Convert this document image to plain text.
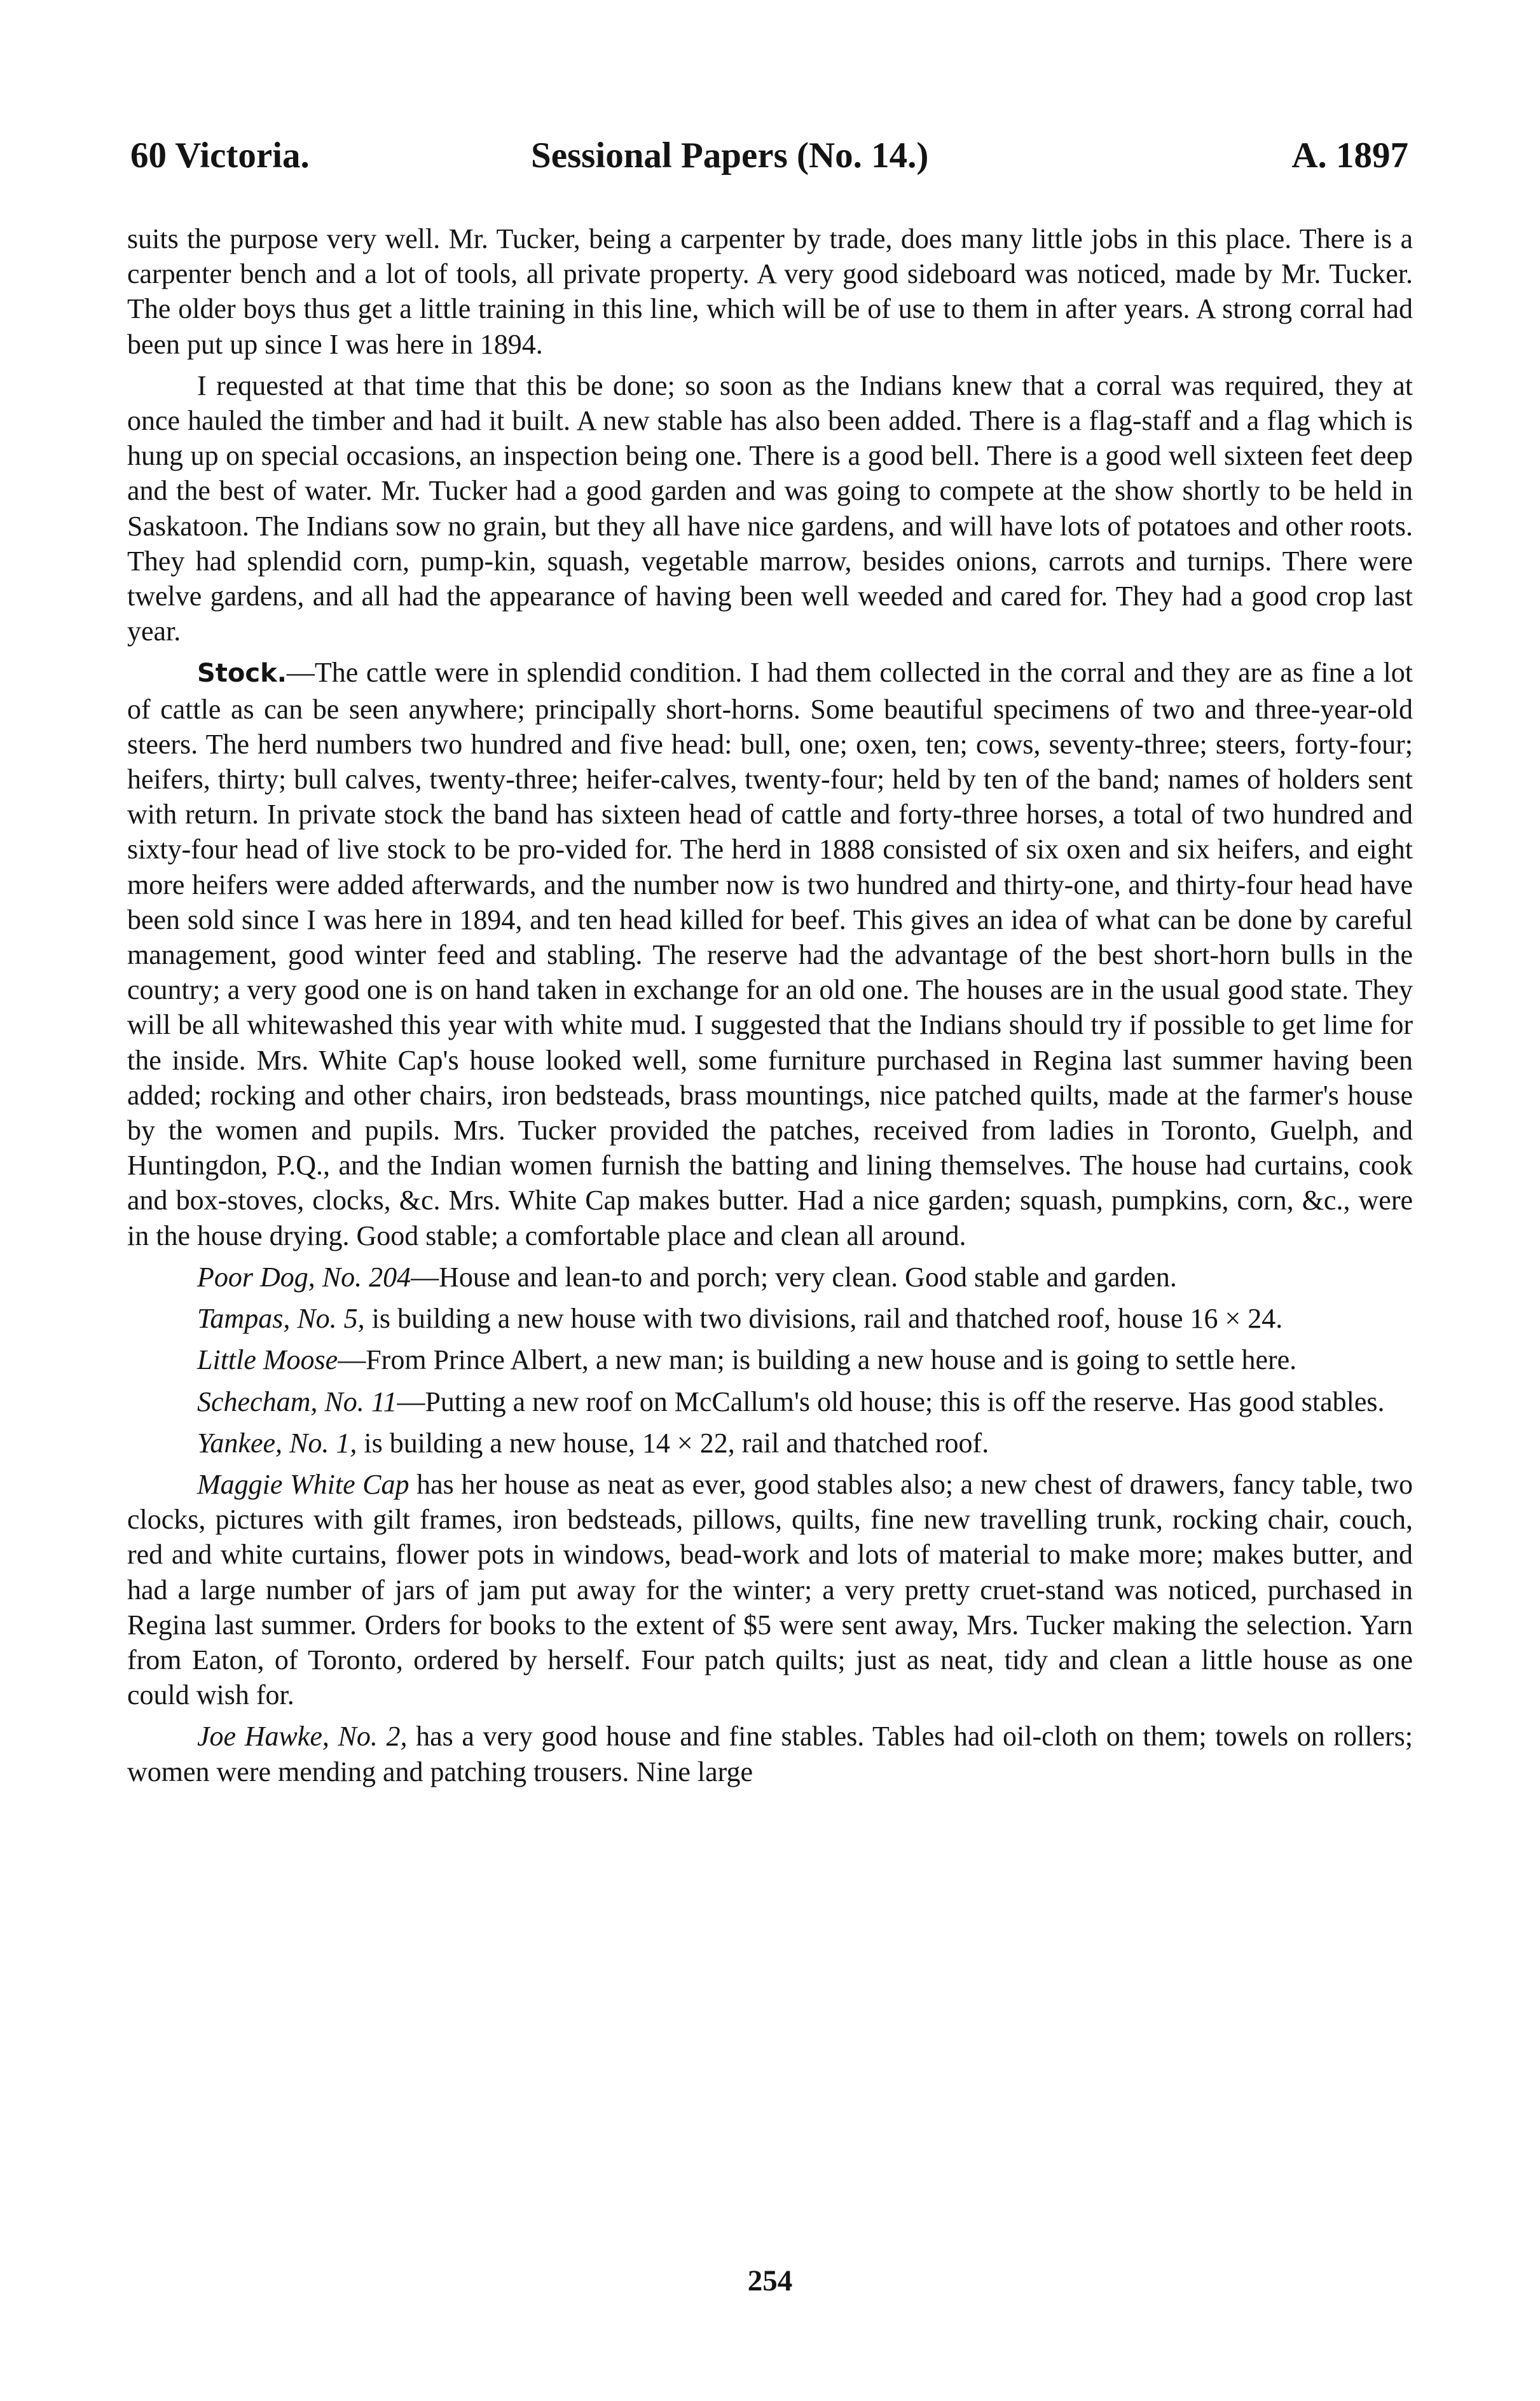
60 Victoria.	Sessional Papers (No. 14.)	A. 1897

suits the purpose very well. Mr. Tucker, being a carpenter by trade, does many little jobs in this place. There is a carpenter bench and a lot of tools, all private property. A very good sideboard was noticed, made by Mr. Tucker. The older boys thus get a little training in this line, which will be of use to them in after years. A strong corral had been put up since I was here in 1894.

I requested at that time that this be done; so soon as the Indians knew that a corral was required, they at once hauled the timber and had it built. A new stable has also been added. There is a flag-staff and a flag which is hung up on special occasions, an inspection being one. There is a good bell. There is a good well sixteen feet deep and the best of water. Mr. Tucker had a good garden and was going to compete at the show shortly to be held in Saskatoon. The Indians sow no grain, but they all have nice gardens, and will have lots of potatoes and other roots. They had splendid corn, pump-kin, squash, vegetable marrow, besides onions, carrots and turnips. There were twelve gardens, and all had the appearance of having been well weeded and cared for. They had a good crop last year.

Stock.—The cattle were in splendid condition. I had them collected in the corral and they are as fine a lot of cattle as can be seen anywhere; principally short-horns. Some beautiful specimens of two and three-year-old steers. The herd numbers two hundred and five head: bull, one; oxen, ten; cows, seventy-three; steers, forty-four; heifers, thirty; bull calves, twenty-three; heifer-calves, twenty-four; held by ten of the band; names of holders sent with return. In private stock the band has sixteen head of cattle and forty-three horses, a total of two hundred and sixty-four head of live stock to be pro-vided for. The herd in 1888 consisted of six oxen and six heifers, and eight more heifers were added afterwards, and the number now is two hundred and thirty-one, and thirty-four head have been sold since I was here in 1894, and ten head killed for beef. This gives an idea of what can be done by careful management, good winter feed and stabling. The reserve had the advantage of the best short-horn bulls in the country; a very good one is on hand taken in exchange for an old one. The houses are in the usual good state. They will be all whitewashed this year with white mud. I suggested that the Indians should try if possible to get lime for the inside. Mrs. White Cap's house looked well, some furniture purchased in Regina last summer having been added; rocking and other chairs, iron bedsteads, brass mountings, nice patched quilts, made at the farmer's house by the women and pupils. Mrs. Tucker provided the patches, received from ladies in Toronto, Guelph, and Huntingdon, P.Q., and the Indian women furnish the batting and lining themselves. The house had curtains, cook and box-stoves, clocks, &c. Mrs. White Cap makes butter. Had a nice garden; squash, pumpkins, corn, &c., were in the house drying. Good stable; a comfortable place and clean all around.

Poor Dog, No. 204—House and lean-to and porch; very clean. Good stable and garden.

Tampas, No. 5, is building a new house with two divisions, rail and thatched roof, house 16 × 24.

Little Moose—From Prince Albert, a new man; is building a new house and is going to settle here.

Schecham, No. 11—Putting a new roof on McCallum's old house; this is off the reserve. Has good stables.

Yankee, No. 1, is building a new house, 14 × 22, rail and thatched roof.

Maggie White Cap has her house as neat as ever, good stables also; a new chest of drawers, fancy table, two clocks, pictures with gilt frames, iron bedsteads, pillows, quilts, fine new travelling trunk, rocking chair, couch, red and white curtains, flower pots in windows, bead-work and lots of material to make more; makes butter, and had a large number of jars of jam put away for the winter; a very pretty cruet-stand was noticed, purchased in Regina last summer. Orders for books to the extent of $5 were sent away, Mrs. Tucker making the selection. Yarn from Eaton, of Toronto, ordered by herself. Four patch quilts; just as neat, tidy and clean a little house as one could wish for.

Joe Hawke, No. 2, has a very good house and fine stables. Tables had oil-cloth on them; towels on rollers; women were mending and patching trousers. Nine large

254
